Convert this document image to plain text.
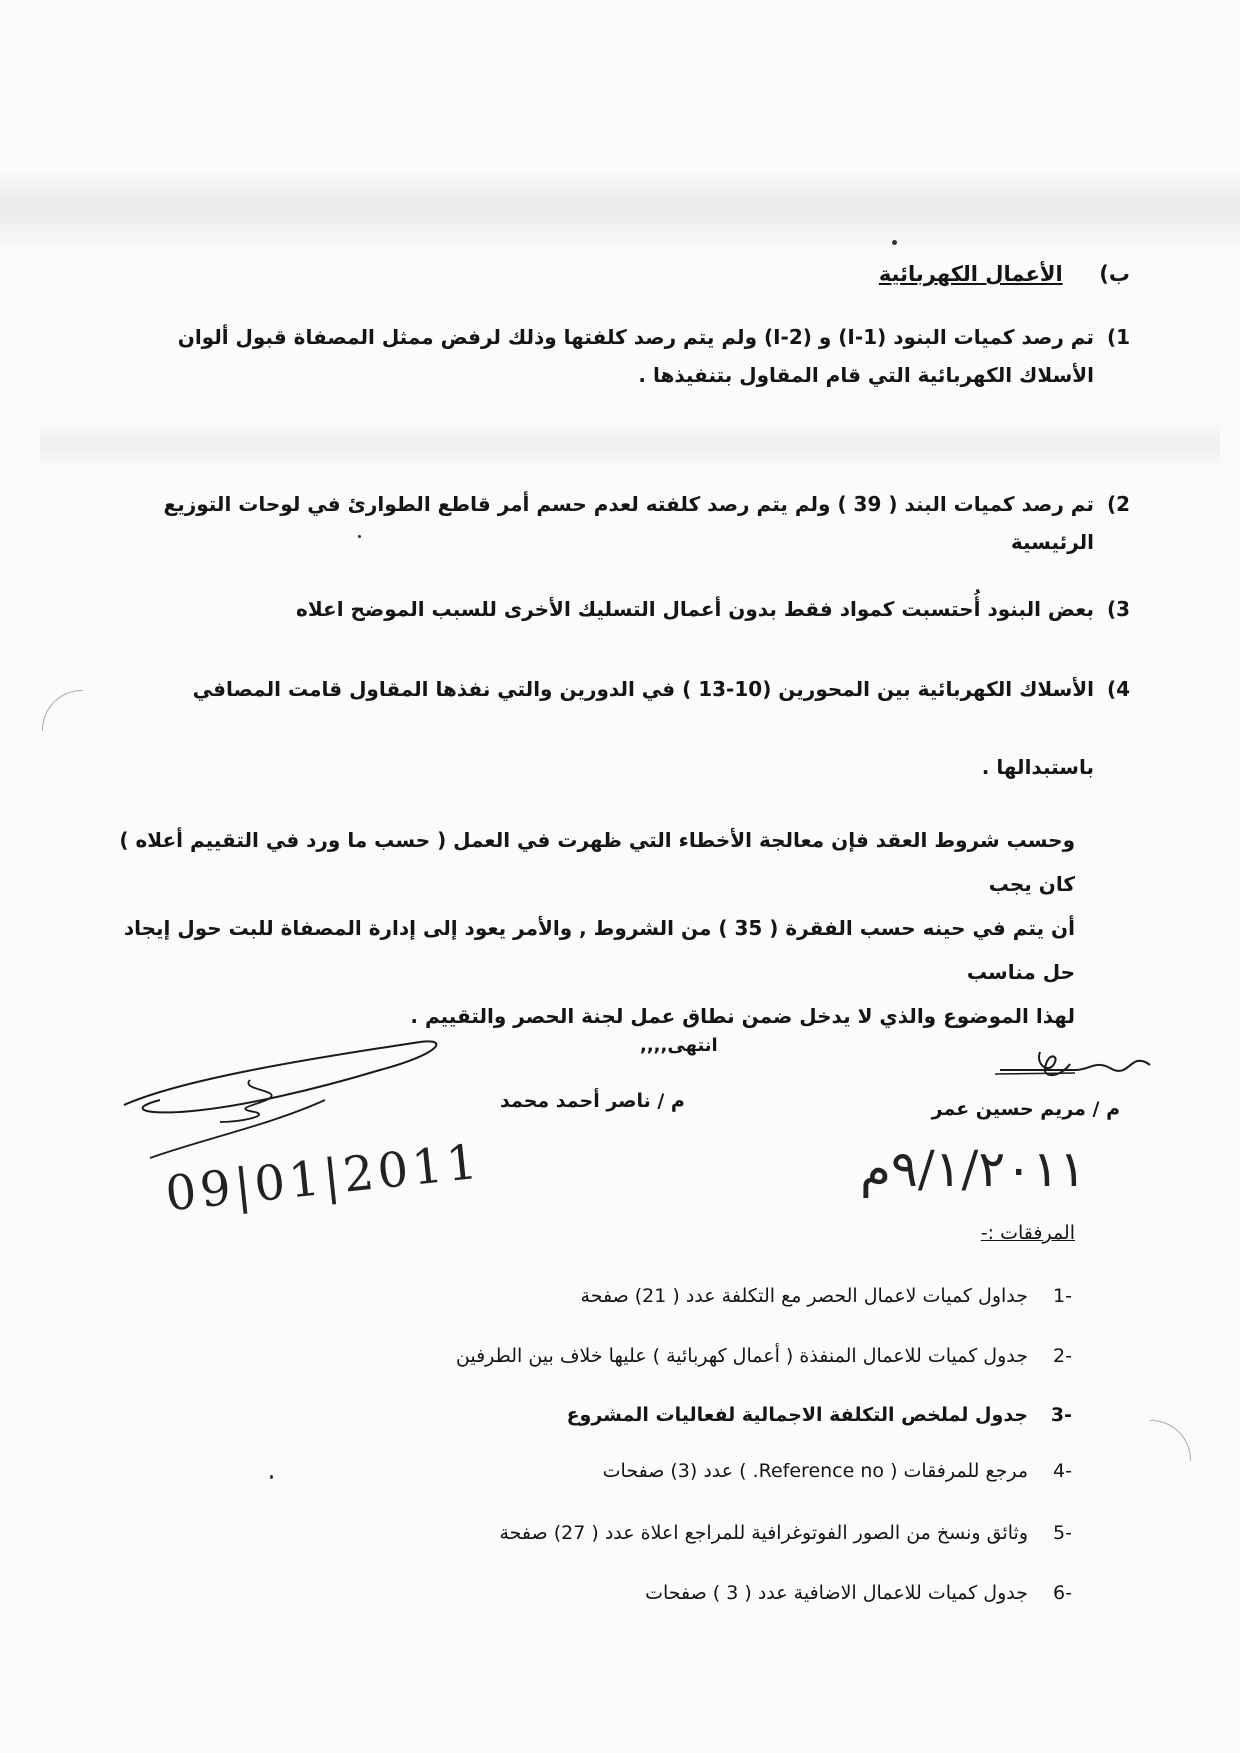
ب) الأعمال الكهربائية
1)تم رصد كميات البنود (1-I) و (I-2) ولم يتم رصد كلفتها وذلك لرفض ممثل المصفاة قبول ألوان
الأسلاك الكهربائية التي قام المقاول بتنفيذها .
2)تم رصد كميات البند ( 39 ) ولم يتم رصد كلفته لعدم حسم أمر قاطع الطوارئ في لوحات التوزيع
الرئيسية
3)بعض البنود أُحتسبت كمواد فقط بدون أعمال التسليك الأخرى للسبب الموضح اعلاه
4)الأسلاك الكهربائية بين المحورين (10-13 ) في الدورين والتي نفذها المقاول قامت المصافي
باستبدالها .
وحسب شروط العقد فإن معالجة الأخطاء التي ظهرت في العمل ( حسب ما ورد في التقييم أعلاه ) كان يجب
أن يتم في حينه حسب الفقرة ( 35 ) من الشروط , والأمر يعود إلى إدارة المصفاة للبت حول إيجاد حل مناسب
لهذا الموضوع والذي لا يدخل ضمن نطاق عمل لجنة الحصر والتقييم .
انتهى,,,,
م / مريم حسين عمر
٩/١/٢٠١١م
م / ناصر أحمد محمد
09|01|2011
المرفقات :-
-1جداول كميات لاعمال الحصر مع التكلفة عدد ( 21) صفحة
-2جدول كميات للاعمال المنفذة ( أعمال كهربائية ) عليها خلاف بين الطرفين
-3جدول لملخص التكلفة الاجمالية لفعاليات المشروع
-4مرجع للمرفقات ( Reference no. ) عدد (3) صفحات
-5وثائق ونسخ من الصور الفوتوغرافية للمراجع اعلاة عدد ( 27) صفحة
-6جدول كميات للاعمال الاضافية عدد ( 3 ) صفحات
